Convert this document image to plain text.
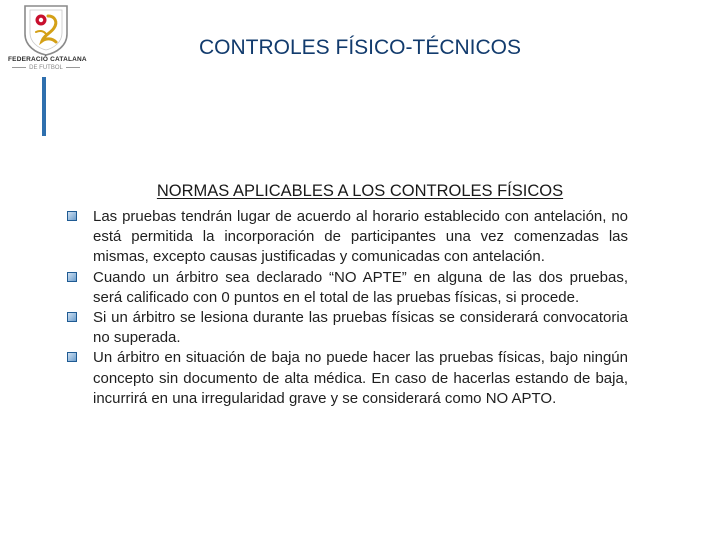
FEDERACIÓ CATALANA
DE FUTBOL
CONTROLES FÍSICO-TÉCNICOS
NORMAS APLICABLES A LOS CONTROLES FÍSICOS
Las pruebas tendrán lugar de acuerdo al horario establecido con antelación, no está permitida la incorporación de participantes una vez comenzadas las mismas, excepto causas justificadas y comunicadas con antelación.
Cuando un árbitro sea declarado “NO APTE” en alguna de las dos pruebas, será calificado con 0 puntos en el total de las pruebas físicas, si procede.
Si un árbitro se lesiona durante las pruebas físicas se considerará convocatoria no superada.
Un árbitro en situación de baja no puede hacer las pruebas físicas, bajo ningún concepto sin documento de alta médica. En caso de hacerlas estando de baja, incurrirá en una irregularidad grave y se considerará como NO APTO.
